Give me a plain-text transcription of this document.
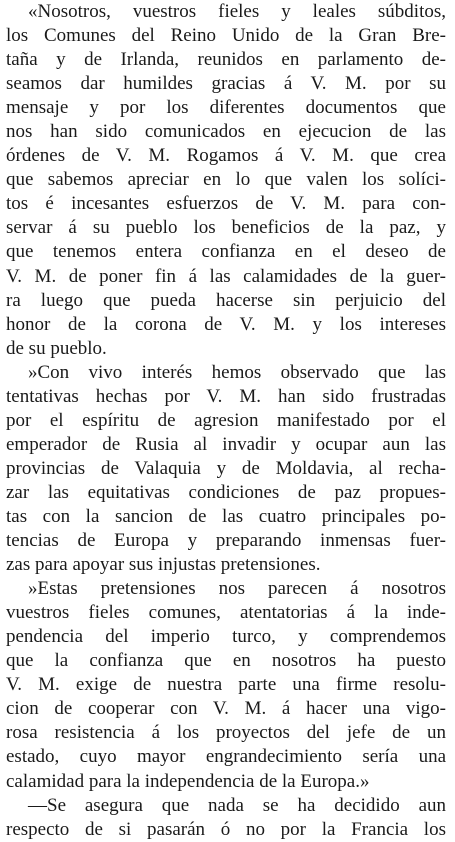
«Nosotros, vuestros fieles y leales súbditos,
los Comunes del Reino Unido de la Gran Bre-
taña y de Irlanda, reunidos en parlamento de-
seamos dar humildes gracias á V. M. por su
mensaje y por los diferentes documentos que
nos han sido comunicados en ejecucion de las
órdenes de V. M. Rogamos á V. M. que crea
que sabemos apreciar en lo que valen los solíci-
tos é incesantes esfuerzos de V. M. para con-
servar á su pueblo los beneficios de la paz, y
que tenemos entera confianza en el deseo de
V. M. de poner fin á las calamidades de la guer-
ra luego que pueda hacerse sin perjuicio del
honor de la corona de V. M. y los intereses
de su pueblo.
»Con vivo interés hemos observado que las
tentativas hechas por V. M. han sido frustradas
por el espíritu de agresion manifestado por el
emperador de Rusia al invadir y ocupar aun las
provincias de Valaquia y de Moldavia, al recha-
zar las equitativas condiciones de paz propues-
tas con la sancion de las cuatro principales po-
tencias de Europa y preparando inmensas fuer-
zas para apoyar sus injustas pretensiones.
»Estas pretensiones nos parecen á nosotros
vuestros fieles comunes, atentatorias á la inde-
pendencia del imperio turco, y comprendemos
que la confianza que en nosotros ha puesto
V. M. exige de nuestra parte una firme resolu-
cion de cooperar con V. M. á hacer una vigo-
rosa resistencia á los proyectos del jefe de un
estado, cuyo mayor engrandecimiento sería una
calamidad para la independencia de la Europa.»
—Se asegura que nada se ha decidido aun
respecto de si pasarán ó no por la Francia los
